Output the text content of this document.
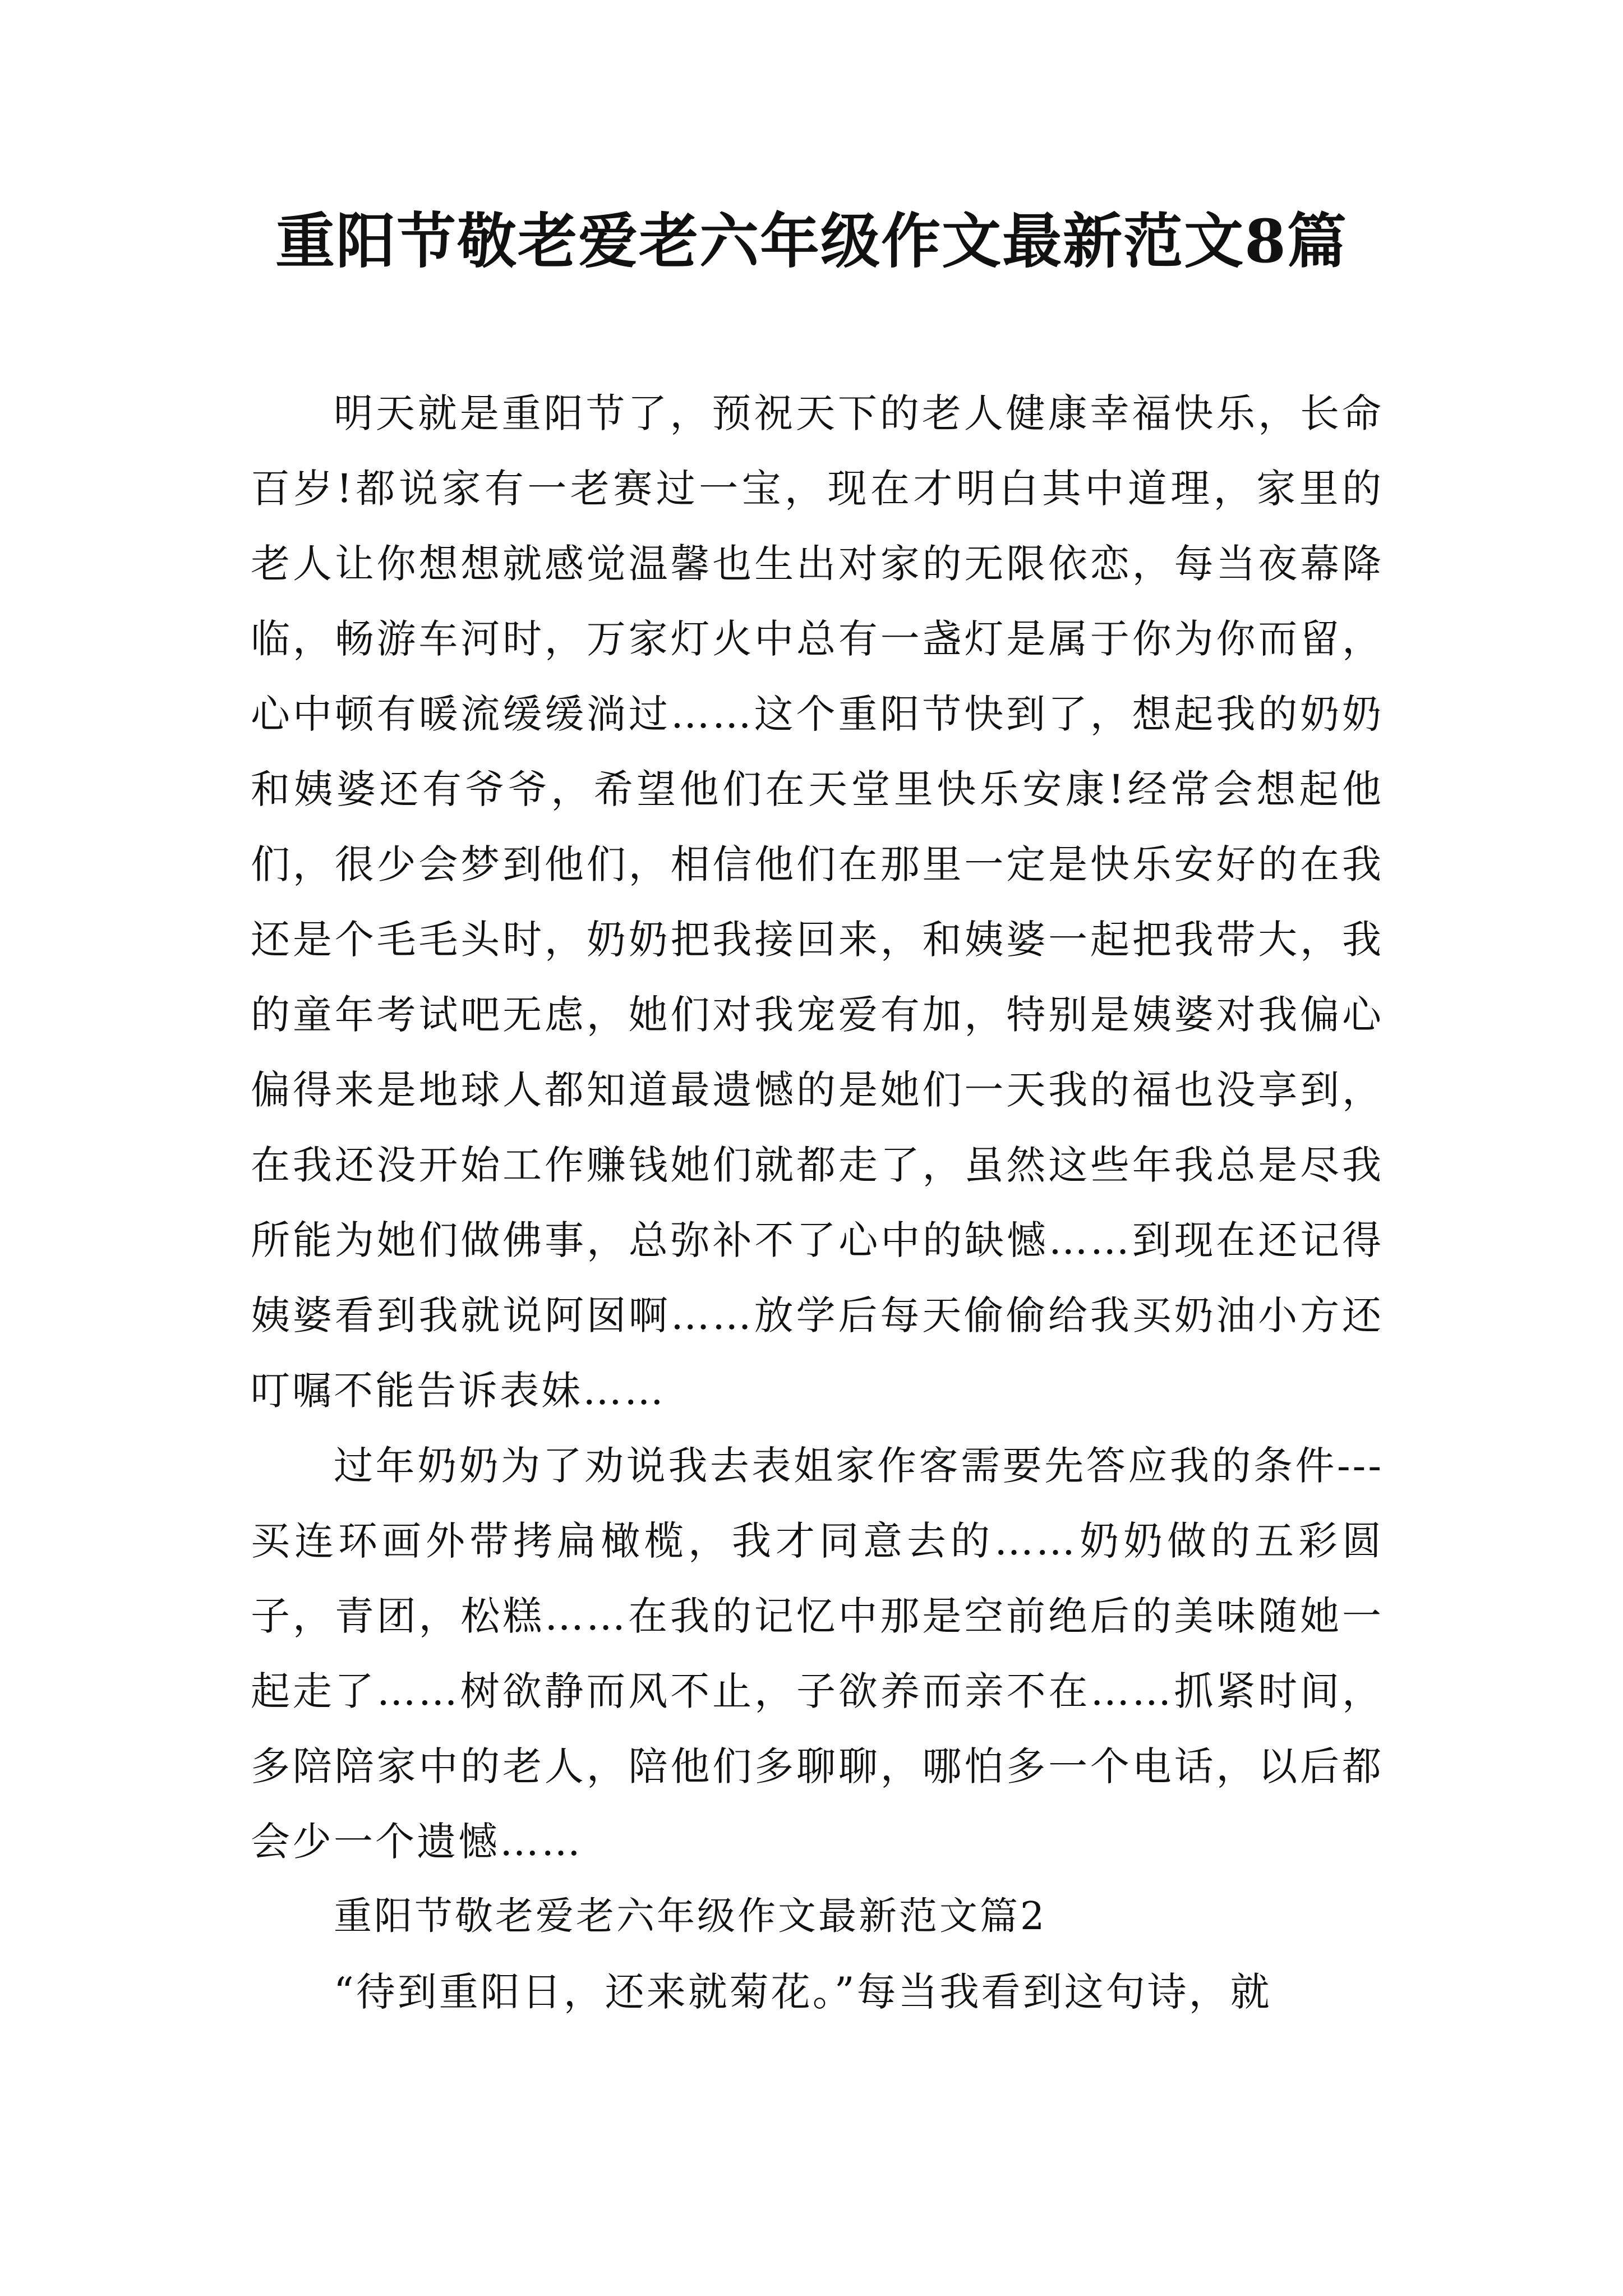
重阳节敬老爱老六年级作文最新范文8篇

明天就是重阳节了，预祝天下的老人健康幸福快乐，长命百岁!都说家有一老赛过一宝，现在才明白其中道理，家里的老人让你想想就感觉温馨也生出对家的无限依恋，每当夜幕降临，畅游车河时，万家灯火中总有一盏灯是属于你为你而留，心中顿有暖流缓缓淌过……这个重阳节快到了，想起我的奶奶和姨婆还有爷爷，希望他们在天堂里快乐安康!经常会想起他们，很少会梦到他们，相信他们在那里一定是快乐安好的在我还是个毛毛头时，奶奶把我接回来，和姨婆一起把我带大，我的童年考试吧无虑，她们对我宠爱有加，特别是姨婆对我偏心偏得来是地球人都知道最遗憾的是她们一天我的福也没享到，在我还没开始工作赚钱她们就都走了，虽然这些年我总是尽我所能为她们做佛事，总弥补不了心中的缺憾……到现在还记得姨婆看到我就说阿囡啊……放学后每天偷偷给我买奶油小方还叮嘱不能告诉表妹……

过年奶奶为了劝说我去表姐家作客需要先答应我的条件---买连环画外带拷扁橄榄，我才同意去的……奶奶做的五彩圆子，青团，松糕……在我的记忆中那是空前绝后的美味随她一起走了……树欲静而风不止，子欲养而亲不在……抓紧时间，多陪陪家中的老人，陪他们多聊聊，哪怕多一个电话，以后都会少一个遗憾……

重阳节敬老爱老六年级作文最新范文篇2

“待到重阳日，还来就菊花。”每当我看到这句诗，就
